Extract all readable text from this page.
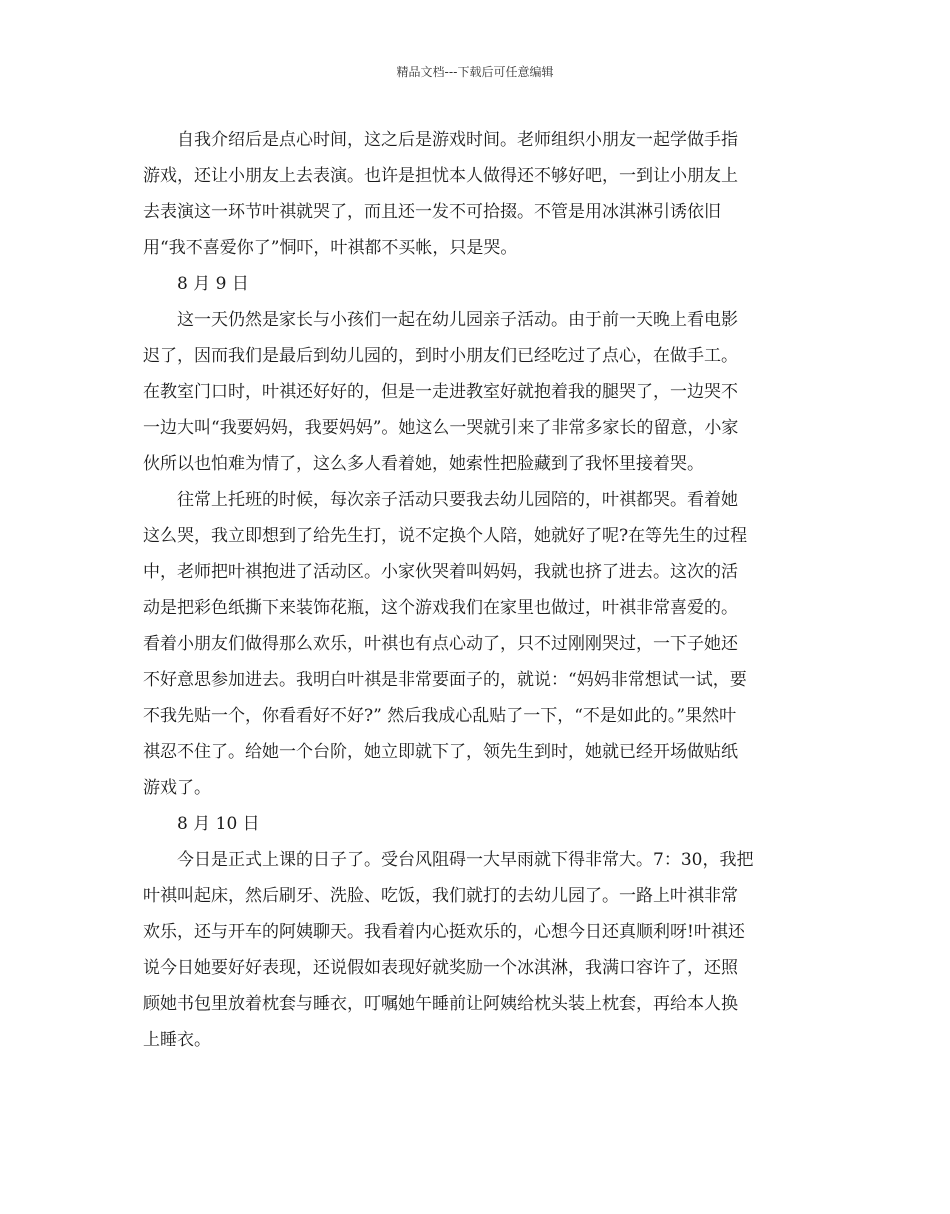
精品文档---下载后可任意编辑
自我介绍后是点心时间，这之后是游戏时间。老师组织小朋友一起学做手指
游戏，还让小朋友上去表演。也许是担忧本人做得还不够好吧，一到让小朋友上
去表演这一环节叶祺就哭了，而且还一发不可拾掇。不管是用冰淇淋引诱依旧
用“我不喜爱你了”恫吓，叶祺都不买帐，只是哭。
8 月 9 日
这一天仍然是家长与小孩们一起在幼儿园亲子活动。由于前一天晚上看电影
迟了，因而我们是最后到幼儿园的，到时小朋友们已经吃过了点心，在做手工。
在教室门口时，叶祺还好好的，但是一走进教室好就抱着我的腿哭了，一边哭不
一边大叫“我要妈妈，我要妈妈”。她这么一哭就引来了非常多家长的留意，小家
伙所以也怕难为情了，这么多人看着她，她索性把脸藏到了我怀里接着哭。
往常上托班的时候，每次亲子活动只要我去幼儿园陪的，叶祺都哭。看着她
这么哭，我立即想到了给先生打，说不定换个人陪，她就好了呢?在等先生的过程
中，老师把叶祺抱进了活动区。小家伙哭着叫妈妈，我就也挤了进去。这次的活
动是把彩色纸撕下来装饰花瓶，这个游戏我们在家里也做过，叶祺非常喜爱的。
看着小朋友们做得那么欢乐，叶祺也有点心动了，只不过刚刚哭过，一下子她还
不好意思参加进去。我明白叶祺是非常要面子的，就说：“妈妈非常想试一试，要
不我先贴一个，你看看好不好?” 然后我成心乱贴了一下，“不是如此的。”果然叶
祺忍不住了。给她一个台阶，她立即就下了，领先生到时，她就已经开场做贴纸
游戏了。
8 月 10 日
今日是正式上课的日子了。受台风阻碍一大早雨就下得非常大。7：30，我把
叶祺叫起床，然后刷牙、洗脸、吃饭，我们就打的去幼儿园了。一路上叶祺非常
欢乐，还与开车的阿姨聊天。我看着内心挺欢乐的，心想今日还真顺利呀!叶祺还
说今日她要好好表现，还说假如表现好就奖励一个冰淇淋，我满口容许了，还照
顾她书包里放着枕套与睡衣，叮嘱她午睡前让阿姨给枕头装上枕套，再给本人换
上睡衣。
